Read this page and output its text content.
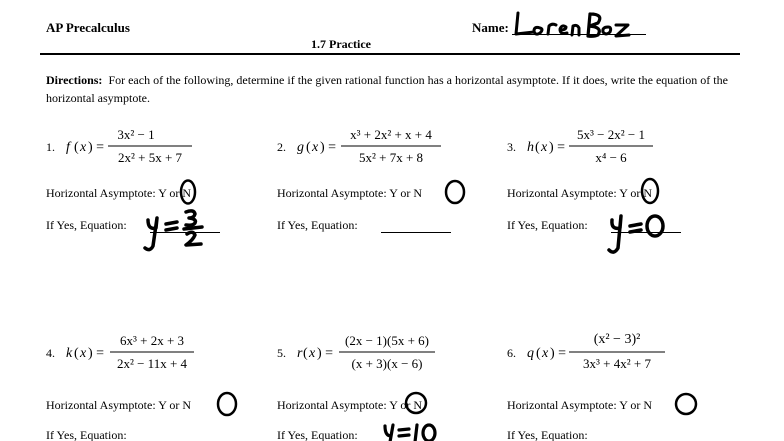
AP Precalculus	Name:
1.7 Practice
Directions: For each of the following, determine if the given rational function has a horizontal asymptote. If it does, write the equation of the horizontal asymptote.
1. f ( x ) =
3x² − 1
2x² + 5x + 7
Horizontal Asymptote: Y or N
If Yes, Equation:
2. g ( x ) =
x³ + 2x² + x + 4
5x² + 7x + 8
Horizontal Asymptote: Y or N
If Yes, Equation:
3. h ( x ) =
5x³ − 2x² − 1
x⁴ − 6
Horizontal Asymptote: Y or N
If Yes, Equation:
4. k ( x ) =
6x³ + 2x + 3
2x² − 11x + 4
Horizontal Asymptote: Y or N
If Yes, Equation:
5. r ( x ) =
(2x − 1)(5x + 6)
(x + 3)(x − 6)
Horizontal Asymptote: Y or N
If Yes, Equation:
6. q ( x ) =
(x² − 3)²
3x³ + 4x² + 7
Horizontal Asymptote: Y or N
If Yes, Equation:
